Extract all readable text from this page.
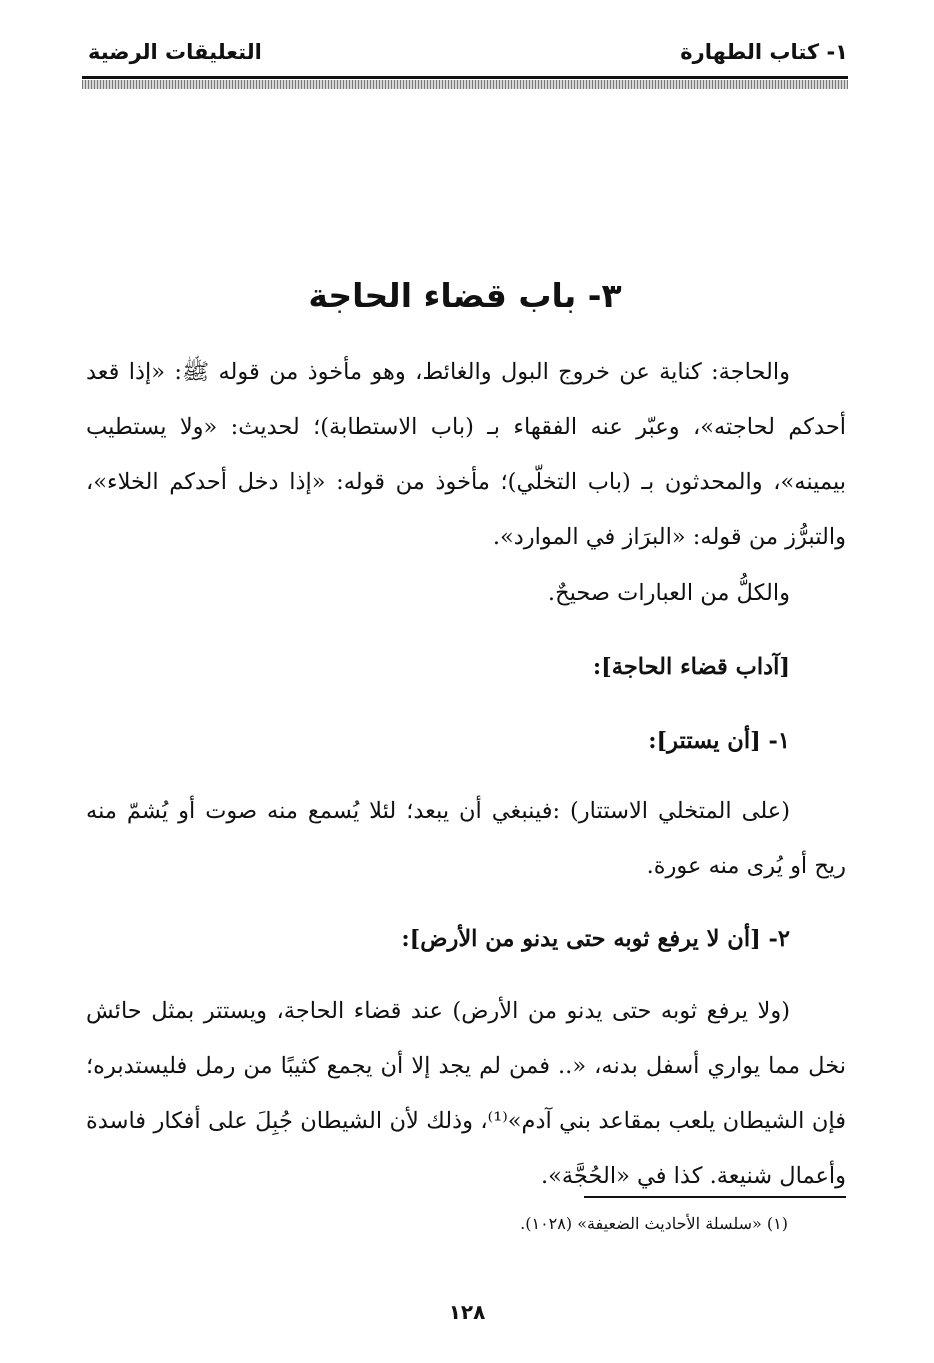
١- كتاب الطهارة
التعليقات الرضية
٣- باب قضاء الحاجة
والحاجة: كناية عن خروج البول والغائط، وهو مأخوذ من قوله ﷺ: «إذا قعد أحدكم لحاجته»، وعبّر عنه الفقهاء بـ (باب الاستطابة)؛ لحديث: «ولا يستطيب بيمينه»، والمحدثون بـ (باب التخلّي)؛ مأخوذ من قوله: «إذا دخل أحدكم الخلاء»، والتبرُّز من قوله: «البرَاز في الموارد».
والكلُّ من العبارات صحيحٌ.
[آداب قضاء الحاجة]:
١- [أن يستتر]:
(على المتخلي الاستتار) :فينبغي أن يبعد؛ لئلا يُسمع منه صوت أو يُشمّ منه ريح أو يُرى منه عورة.
٢- [أن لا يرفع ثوبه حتى يدنو من الأرض]:
(ولا يرفع ثوبه حتى يدنو من الأرض) عند قضاء الحاجة، ويستتر بمثل حائش نخل مما يواري أسفل بدنه، «.. فمن لم يجد إلا أن يجمع كثيبًا من رمل فليستدبره؛ فإن الشيطان يلعب بمقاعد بني آدم»⁽¹⁾، وذلك لأن الشيطان جُبِلَ على أفكار فاسدة وأعمال شنيعة. كذا في «الحُجَّة».
(١) «سلسلة الأحاديث الضعيفة» (١٠٢٨).
١٢٨
